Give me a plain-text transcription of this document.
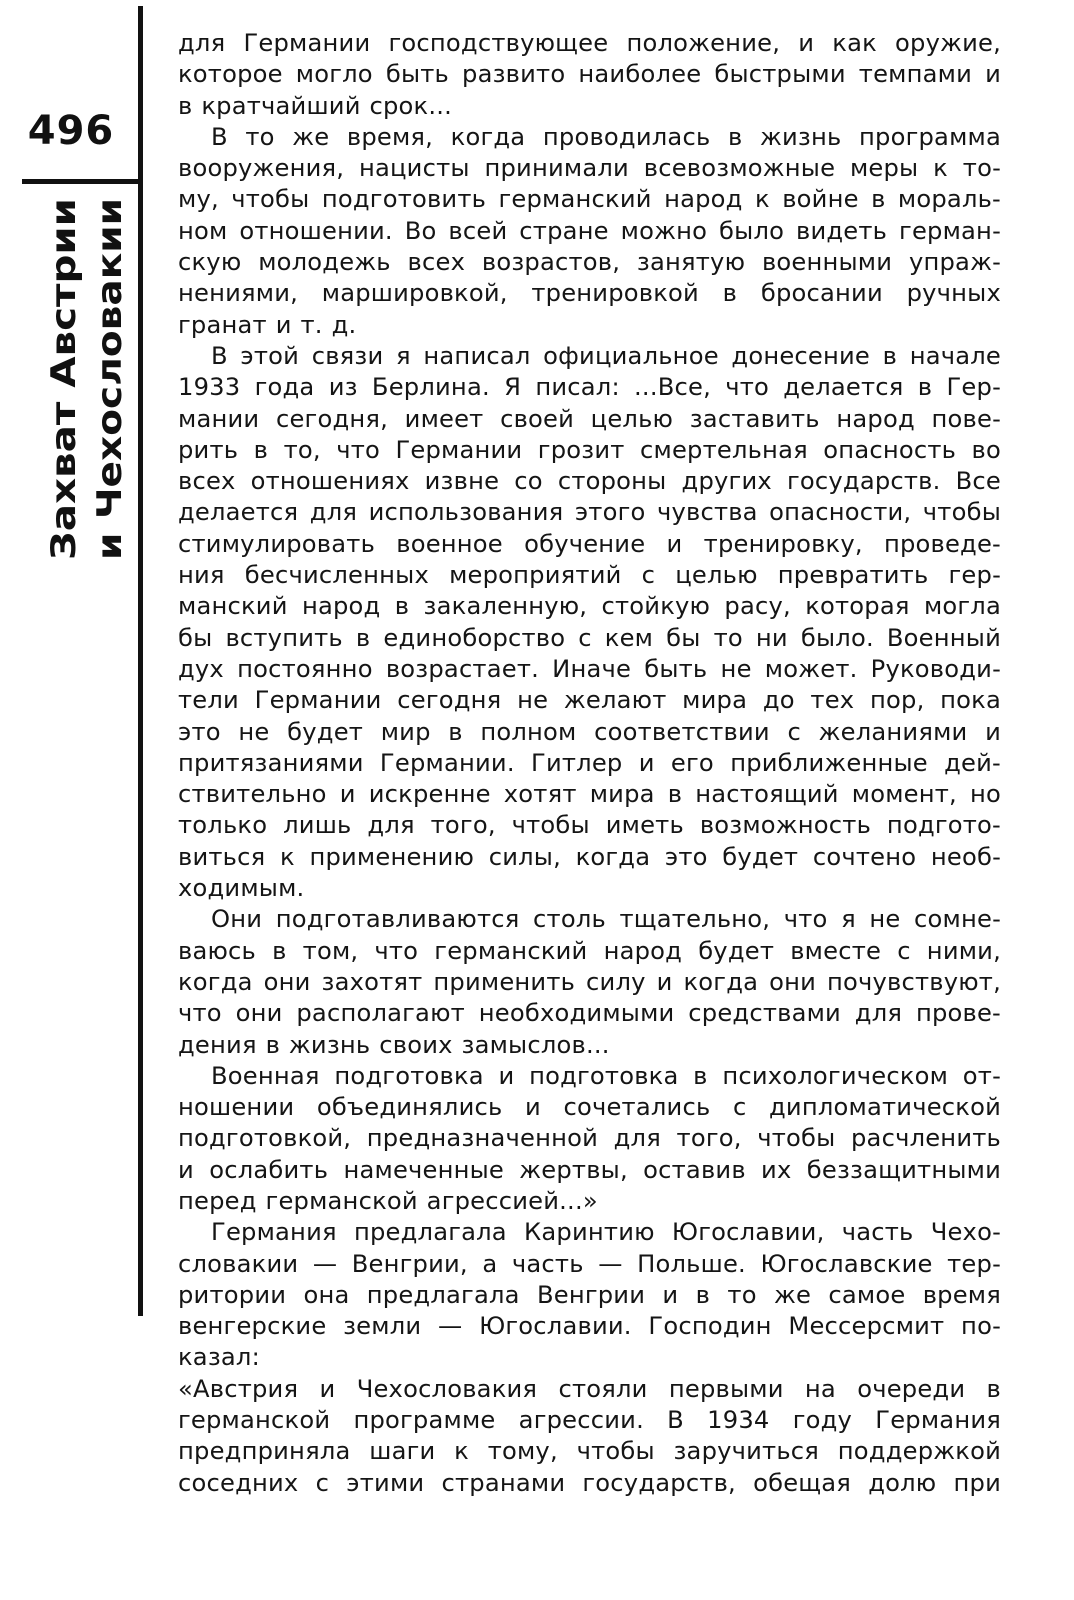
496
Захват Австрии и Чехословакии
для Германии господствующее положение, и как оружие,
которое могло быть развито наиболее быстрыми темпами и
в кратчайший срок...
В то же время, когда проводилась в жизнь программа
вооружения, нацисты принимали всевозможные меры к то-
му, чтобы подготовить германский народ к войне в мораль-
ном отношении. Во всей стране можно было видеть герман-
скую молодежь всех возрастов, занятую военными упраж-
нениями, маршировкой, тренировкой в бросании ручных
гранат и т. д.
В этой связи я написал официальное донесение в начале
1933 года из Берлина. Я писал: ...Все, что делается в Гер-
мании сегодня, имеет своей целью заставить народ пове-
рить в то, что Германии грозит смертельная опасность во
всех отношениях извне со стороны других государств. Все
делается для использования этого чувства опасности, чтобы
стимулировать военное обучение и тренировку, проведе-
ния бесчисленных мероприятий с целью превратить гер-
манский народ в закаленную, стойкую расу, которая могла
бы вступить в единоборство с кем бы то ни было. Военный
дух постоянно возрастает. Иначе быть не может. Руководи-
тели Германии сегодня не желают мира до тех пор, пока
это не будет мир в полном соответствии с желаниями и
притязаниями Германии. Гитлер и его приближенные дей-
ствительно и искренне хотят мира в настоящий момент, но
только лишь для того, чтобы иметь возможность подгото-
виться к применению силы, когда это будет сочтено необ-
ходимым.
Они подготавливаются столь тщательно, что я не сомне-
ваюсь в том, что германский народ будет вместе с ними,
когда они захотят применить силу и когда они почувствуют,
что они располагают необходимыми средствами для прове-
дения в жизнь своих замыслов...
Военная подготовка и подготовка в психологическом от-
ношении объединялись и сочетались с дипломатической
подготовкой, предназначенной для того, чтобы расчленить
и ослабить намеченные жертвы, оставив их беззащитными
перед германской агрессией...»
Германия предлагала Каринтию Югославии, часть Чехо-
словакии — Венгрии, а часть — Польше. Югославские тер-
ритории она предлагала Венгрии и в то же самое время
венгерские земли — Югославии. Господин Мессерсмит по-
казал:
«Австрия и Чехословакия стояли первыми на очереди в
германской программе агрессии. В 1934 году Германия
предприняла шаги к тому, чтобы заручиться поддержкой
соседних с этими странами государств, обещая долю при
